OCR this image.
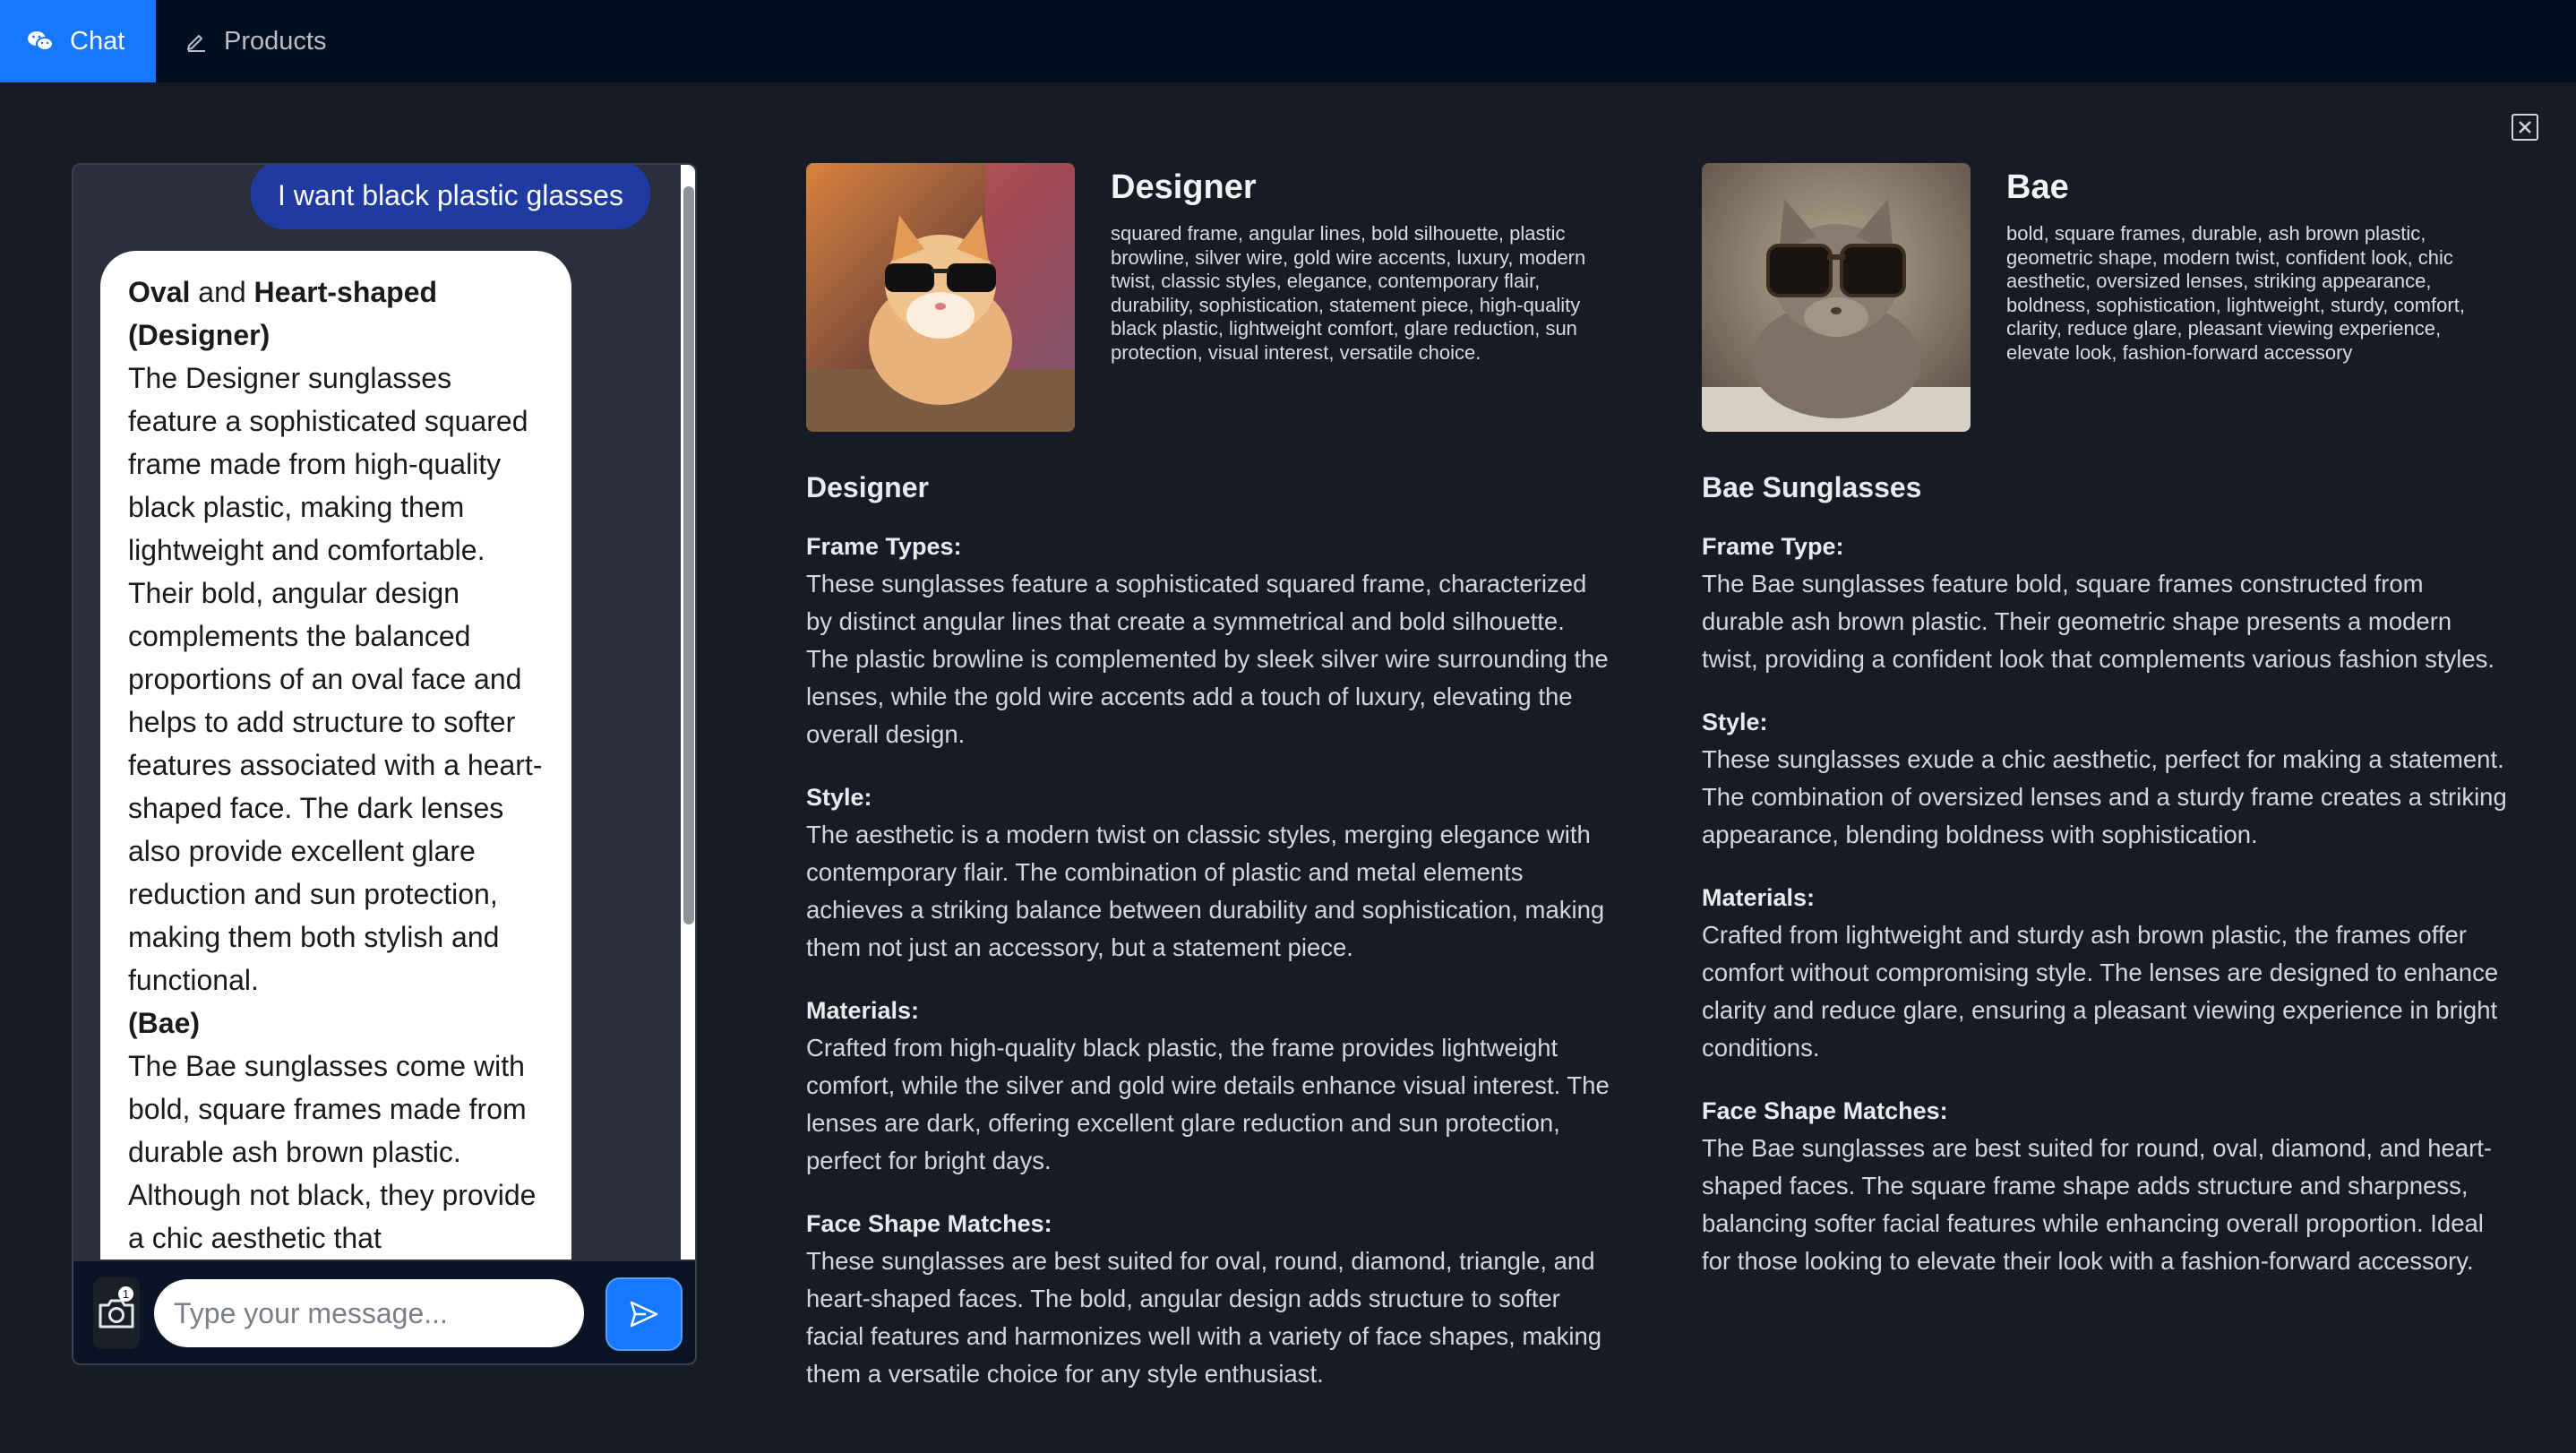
Chat	Products
I want black plastic glasses

Oval and Heart-shaped (Designer)

The Designer sunglasses feature a sophisticated squared frame made from high-quality black plastic, making them lightweight and comfortable. Their bold, angular design complements the balanced proportions of an oval face and helps to add structure to softer features associated with a heart-shaped face. The dark lenses also provide excellent glare reduction and sun protection, making them both stylish and functional.

(Bae)

The Bae sunglasses come with bold, square frames made from durable ash brown plastic. Although not black, they provide a chic aesthetic that

1
Type your message...
Designer
squared frame, angular lines, bold silhouette, plastic browline, silver wire, gold wire accents, luxury, modern twist, classic styles, elegance, contemporary flair, durability, sophistication, statement piece, high-quality black plastic, lightweight comfort, glare reduction, sun protection, visual interest, versatile choice.
Designer
Frame Types:
These sunglasses feature a sophisticated squared frame, characterized by distinct angular lines that create a symmetrical and bold silhouette. The plastic browline is complemented by sleek silver wire surrounding the lenses, while the gold wire accents add a touch of luxury, elevating the overall design.
Style:
The aesthetic is a modern twist on classic styles, merging elegance with contemporary flair. The combination of plastic and metal elements achieves a striking balance between durability and sophistication, making them not just an accessory, but a statement piece.
Materials:
Crafted from high-quality black plastic, the frame provides lightweight comfort, while the silver and gold wire details enhance visual interest. The lenses are dark, offering excellent glare reduction and sun protection, perfect for bright days.
Face Shape Matches:
These sunglasses are best suited for oval, round, diamond, triangle, and heart-shaped faces. The bold, angular design adds structure to softer facial features and harmonizes well with a variety of face shapes, making them a versatile choice for any style enthusiast.
Bae
bold, square frames, durable, ash brown plastic, geometric shape, modern twist, confident look, chic aesthetic, oversized lenses, striking appearance, boldness, sophistication, lightweight, sturdy, comfort, clarity, reduce glare, pleasant viewing experience, elevate look, fashion-forward accessory
Bae Sunglasses
Frame Type:
The Bae sunglasses feature bold, square frames constructed from durable ash brown plastic. Their geometric shape presents a modern twist, providing a confident look that complements various fashion styles.
Style:
These sunglasses exude a chic aesthetic, perfect for making a statement. The combination of oversized lenses and a sturdy frame creates a striking appearance, blending boldness with sophistication.
Materials:
Crafted from lightweight and sturdy ash brown plastic, the frames offer comfort without compromising style. The lenses are designed to enhance clarity and reduce glare, ensuring a pleasant viewing experience in bright conditions.
Face Shape Matches:
The Bae sunglasses are best suited for round, oval, diamond, and heart-shaped faces. The square frame shape adds structure and sharpness, balancing softer facial features while enhancing overall proportion. Ideal for those looking to elevate their look with a fashion-forward accessory.
